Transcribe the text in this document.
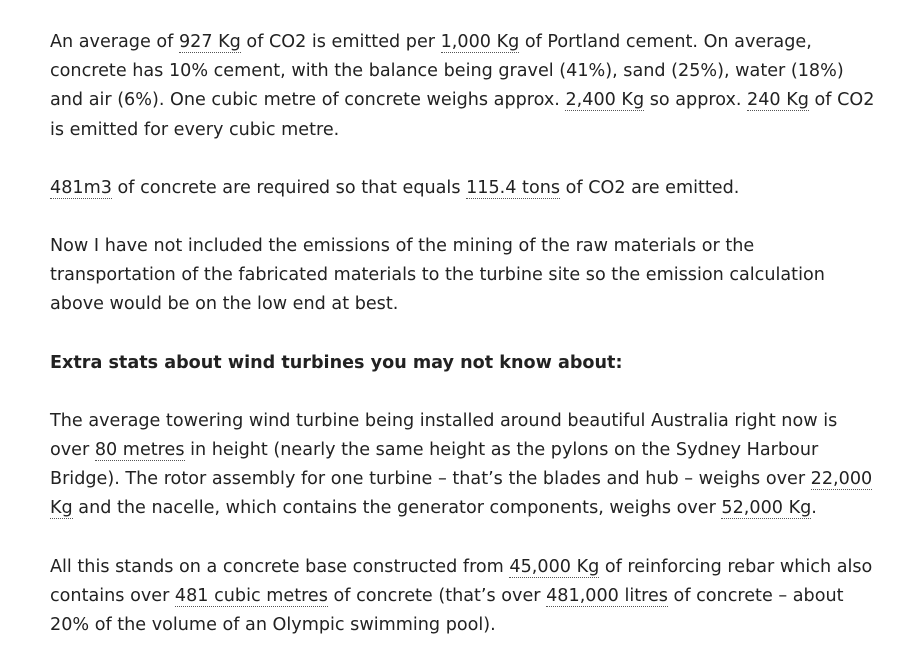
An average of 927 Kg of CO2 is emitted per 1,000 Kg of Portland cement. On average, concrete has 10% cement, with the balance being gravel (41%), sand (25%), water (18%) and air (6%). One cubic metre of concrete weighs approx. 2,400 Kg so approx. 240 Kg of CO2 is emitted for every cubic metre.

481m3 of concrete are required so that equals 115.4 tons of CO2 are emitted.

Now I have not included the emissions of the mining of the raw materials or the transportation of the fabricated materials to the turbine site so the emission calculation above would be on the low end at best.

Extra stats about wind turbines you may not know about:

The average towering wind turbine being installed around beautiful Australia right now is over 80 metres in height (nearly the same height as the pylons on the Sydney Harbour Bridge). The rotor assembly for one turbine – that’s the blades and hub – weighs over 22,000 Kg and the nacelle, which contains the generator components, weighs over 52,000 Kg.

All this stands on a concrete base constructed from 45,000 Kg of reinforcing rebar which also contains over 481 cubic metres of concrete (that’s over 481,000 litres of concrete – about 20% of the volume of an Olympic swimming pool).
